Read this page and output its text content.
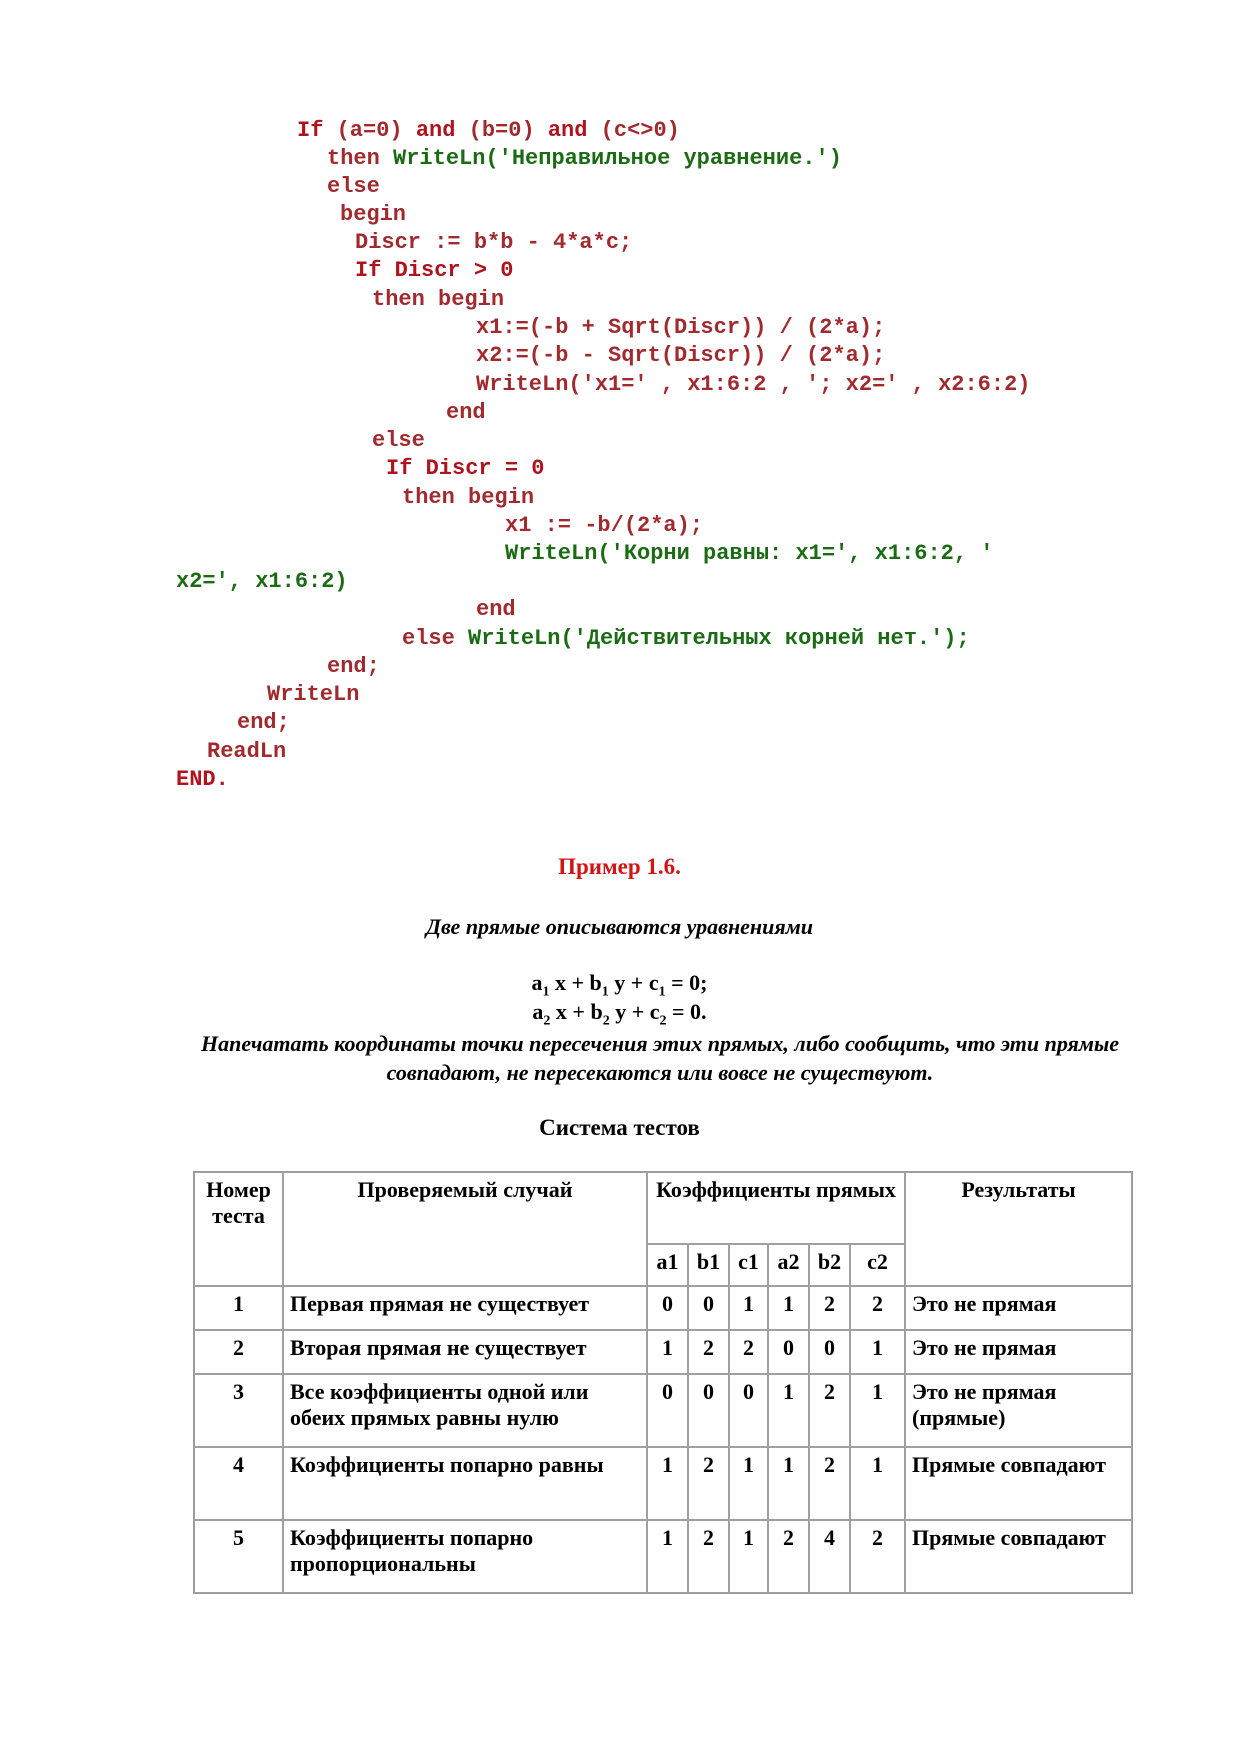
If (a=0) and (b=0) and (c<>0)
then WriteLn('Неправильное уравнение.')
else
begin
Discr := b*b - 4*a*c;
If Discr > 0
then begin
x1:=(-b + Sqrt(Discr)) / (2*a);
x2:=(-b - Sqrt(Discr)) / (2*a);
WriteLn('x1=' , x1:6:2 , '; x2=' , x2:6:2)
end
else
If Discr = 0
then begin
x1 := -b/(2*a);
WriteLn('Корни равны: x1=', x1:6:2, '
x2=', x1:6:2)
end
else WriteLn('Действительных корней нет.');
end;
WriteLn
end;
ReadLn
END.
Пример 1.6.
Две прямые описываются уравнениями
$a_1$ $x + b_1$ $y + c_1 = 0$;
$a_2$ $x + b_2$ $y + c_2 = 0$.
Напечатать координаты точки пересечения этих прямых, либо сообщить, что эти прямые совпадают, не пересекаются или вовсе не существуют.
Система тестов
Номер теста	Проверяемый случай	Коэффициенты прямых						Результаты
		a1	b1	c1	a2	b2	c2	
1	Первая прямая не существует	0	0	1	1	2	2	Это не прямая
2	Вторая прямая не существует	1	2	2	0	0	1	Это не прямая
3	Все коэффициенты одной или обеих прямых равны нулю	0	0	0	1	2	1	Это не прямая (прямые)
4	Коэффициенты попарно равны	1	2	1	1	2	1	Прямые совпадают
5	Коэффициенты попарно пропорциональны	1	2	1	2	4	2	Прямые совпадают
